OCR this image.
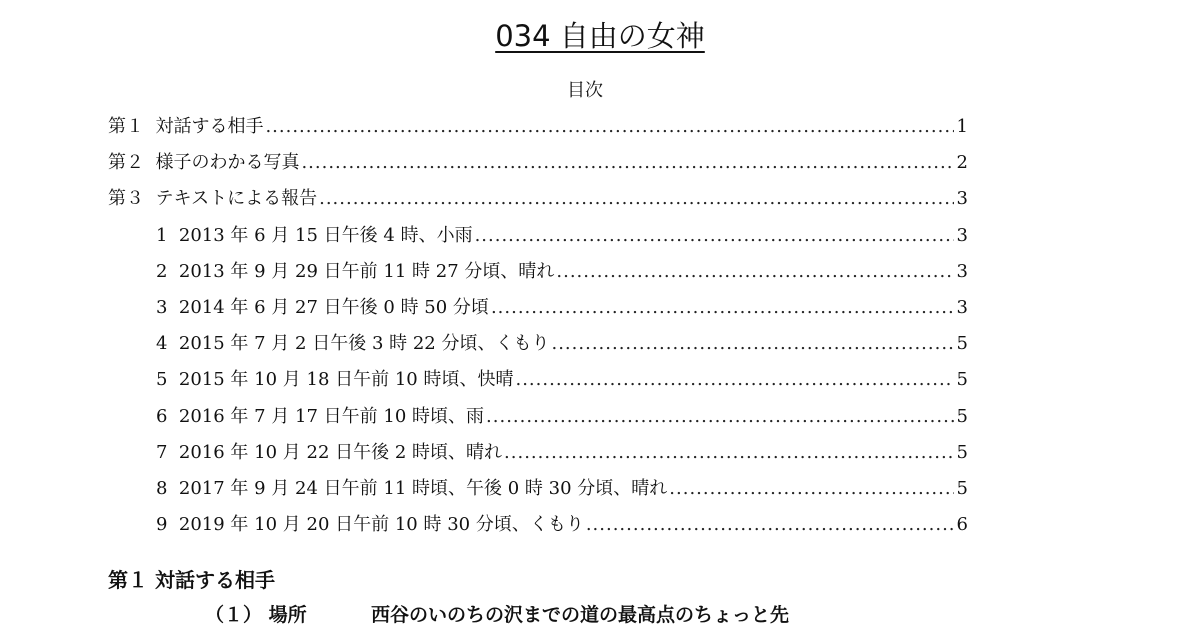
034 自由の女神
目次
第１ 対話する相手 .....	1
第２ 様子のわかる写真 .....	2
第３ テキストによる報告 .....	3
1 2013 年 6 月 15 日午後 4 時、小雨 .....	3
2 2013 年 9 月 29 日午前 11 時 27 分頃、晴れ .....	3
3 2014 年 6 月 27 日午後 0 時 50 分頃 .....	3
4 2015 年 7 月 2 日午後 3 時 22 分頃、くもり .....	5
5 2015 年 10 月 18 日午前 10 時頃、快晴 .....	5
6 2016 年 7 月 17 日午前 10 時頃、雨 .....	5
7 2016 年 10 月 22 日午後 2 時頃、晴れ .....	5
8 2017 年 9 月 24 日午前 11 時頃、午後 0 時 30 分頃、晴れ .....	5
9 2019 年 10 月 20 日午前 10 時 30 分頃、くもり .....	6
第１ 対話する相手
（１） 場所	西谷のいのちの沢までの道の最高点のちょっと先
